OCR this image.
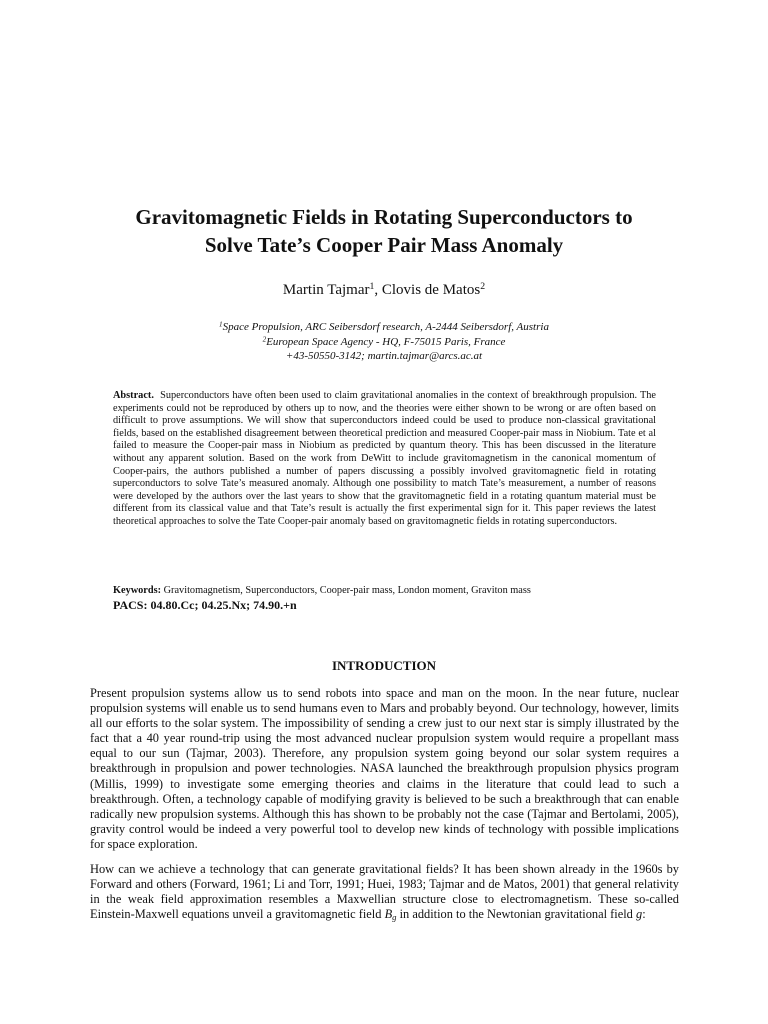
Gravitomagnetic Fields in Rotating Superconductors to
Solve Tate’s Cooper Pair Mass Anomaly
Martin Tajmar$^1$, Clovis de Matos$^2$
$^1$Space Propulsion, ARC Seibersdorf research, A-2444 Seibersdorf, Austria
$^2$European Space Agency - HQ, F-75015 Paris, France
+43-50550-3142; martin.tajmar@arcs.ac.at
Abstract. Superconductors have often been used to claim gravitational anomalies in the context of breakthrough propulsion. The experiments could not be reproduced by others up to now, and the theories were either shown to be wrong or are often based on difficult to prove assumptions. We will show that superconductors indeed could be used to produce non-classical gravitational fields, based on the established disagreement between theoretical prediction and measured Cooper-pair mass in Niobium. Tate et al failed to measure the Cooper-pair mass in Niobium as predicted by quantum theory. This has been discussed in the literature without any apparent solution. Based on the work from DeWitt to include gravitomagnetism in the canonical momentum of Cooper-pairs, the authors published a number of papers discussing a possibly involved gravitomagnetic field in rotating superconductors to solve Tate’s measured anomaly. Although one possibility to match Tate’s measurement, a number of reasons were developed by the authors over the last years to show that the gravitomagnetic field in a rotating quantum material must be different from its classical value and that Tate’s result is actually the first experimental sign for it. This paper reviews the latest theoretical approaches to solve the Tate Cooper-pair anomaly based on gravitomagnetic fields in rotating superconductors.
Keywords: Gravitomagnetism, Superconductors, Cooper-pair mass, London moment, Graviton mass
PACS: 04.80.Cc; 04.25.Nx; 74.90.+n
INTRODUCTION
Present propulsion systems allow us to send robots into space and man on the moon. In the near future, nuclear propulsion systems will enable us to send humans even to Mars and probably beyond. Our technology, however, limits all our efforts to the solar system. The impossibility of sending a crew just to our next star is simply illustrated by the fact that a 40 year round-trip using the most advanced nuclear propulsion system would require a propellant mass equal to our sun (Tajmar, 2003). Therefore, any propulsion system going beyond our solar system requires a breakthrough in propulsion and power technologies. NASA launched the breakthrough propulsion physics program (Millis, 1999) to investigate some emerging theories and claims in the literature that could lead to such a breakthrough. Often, a technology capable of modifying gravity is believed to be such a breakthrough that can enable radically new propulsion systems. Although this has shown to be probably not the case (Tajmar and Bertolami, 2005), gravity control would be indeed a very powerful tool to develop new kinds of technology with possible implications for space exploration.
How can we achieve a technology that can generate gravitational fields? It has been shown already in the 1960s by Forward and others (Forward, 1961; Li and Torr, 1991; Huei, 1983; Tajmar and de Matos, 2001) that general relativity in the weak field approximation resembles a Maxwellian structure close to electromagnetism. These so-called Einstein-Maxwell equations unveil a gravitomagnetic field $B_g$ in addition to the Newtonian gravitational field g:
